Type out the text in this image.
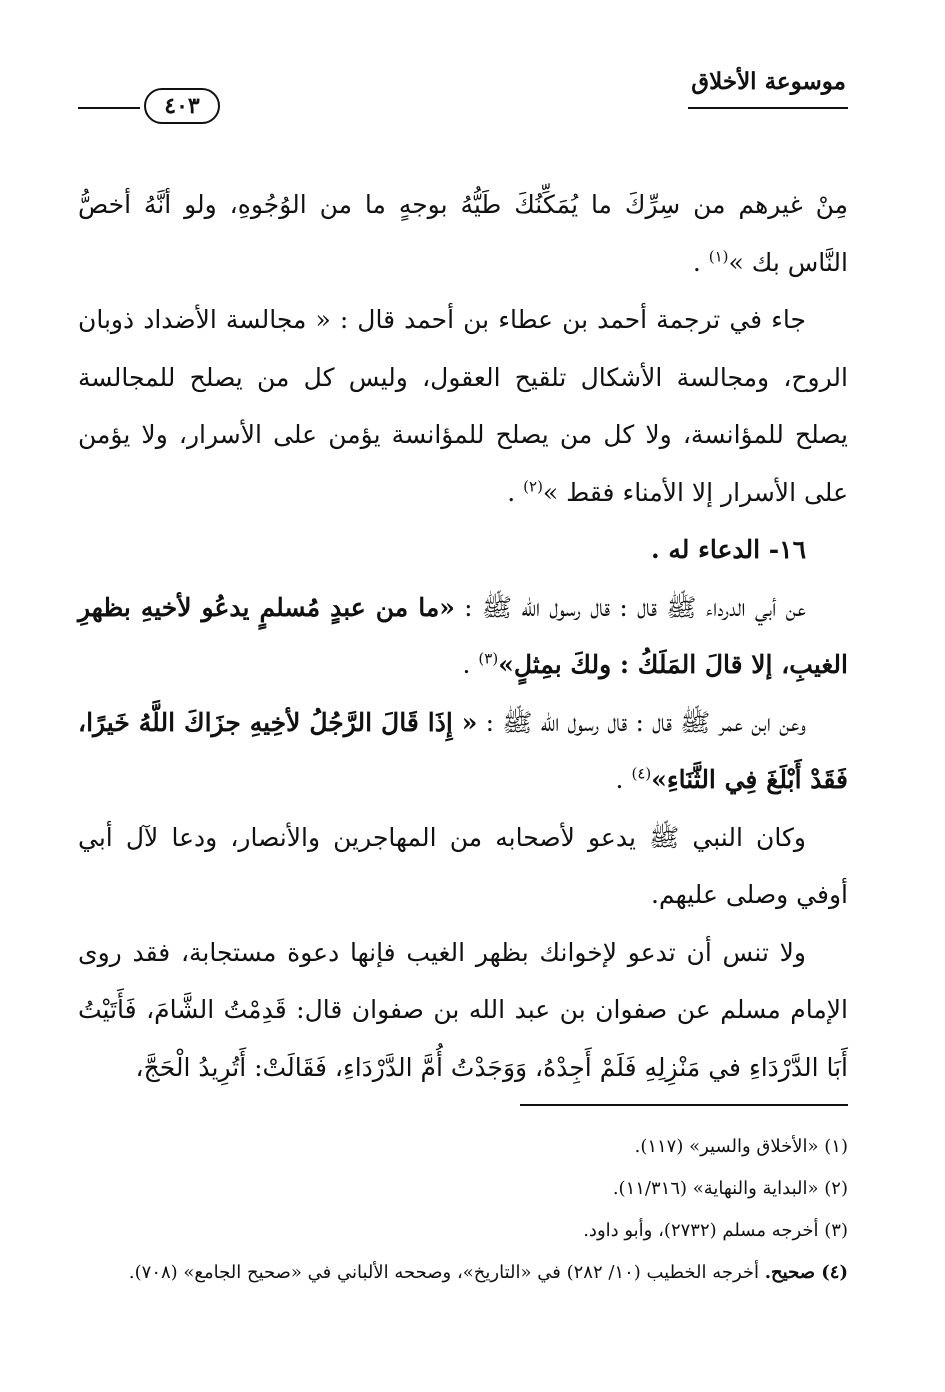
موسوعة الأخلاق
٤٠٣

مِنْ غيرهم من سِرِّكَ ما يُمَكِّنُكَ طَيُّهُ بوجهٍ ما من الوُجُوهِ، ولو أنَّهُ أخصُّ النَّاس بك »$^{(١)}$ .

جاء في ترجمة أحمد بن عطاء بن أحمد قال : « مجالسة الأضداد ذوبان الروح، ومجالسة الأشكال تلقيح العقول، وليس كل من يصلح للمجالسة يصلح للمؤانسة، ولا كل من يصلح للمؤانسة يؤمن على الأسرار، ولا يؤمن على الأسرار إلا الأمناء فقط »$^{(٢)}$ .

١٦- الدعاء له .

عن أبي الدرداء ﷺ قال : قال رسول الله ﷺ : «ما من عبدٍ مُسلمٍ يدعُو لأخيهِ بظهرِ الغيبِ، إلا قالَ المَلَكُ : ولكَ بمِثلٍ»$^{(٣)}$ .

وعن ابن عمر ﷺ قال : قال رسول الله ﷺ : « إِذَا قَالَ الرَّجُلُ لأخِيهِ جزَاكَ اللَّهُ خَيرًا، فَقَدْ أَبْلَغَ فِي الثَّنَاءِ»$^{(٤)}$ .

وكان النبي ﷺ يدعو لأصحابه من المهاجرين والأنصار، ودعا لآل أبي أوفي وصلى عليهم.

ولا تنس أن تدعو لإخوانك بظهر الغيب فإنها دعوة مستجابة، فقد روى الإمام مسلم عن صفوان بن عبد الله بن صفوان قال: قَدِمْتُ الشَّامَ، فَأَتَيْتُ أَبَا الدَّرْدَاءِ في مَنْزِلِهِ فَلَمْ أَجِدْهُ، وَوَجَدْتُ أُمَّ الدَّرْدَاءِ، فَقَالَتْ: أَتُرِيدُ الْحَجَّ،

(١) «الأخلاق والسير» (١١٧).

(٢) «البداية والنهاية» (١١/٣١٦).

(٣) أخرجه مسلم (٢٧٣٢)، وأبو داود.

(٤) صحيح. أخرجه الخطيب (١٠/ ٢٨٢) في «التاريخ»، وصححه الألباني في «صحيح الجامع» (٧٠٨).
